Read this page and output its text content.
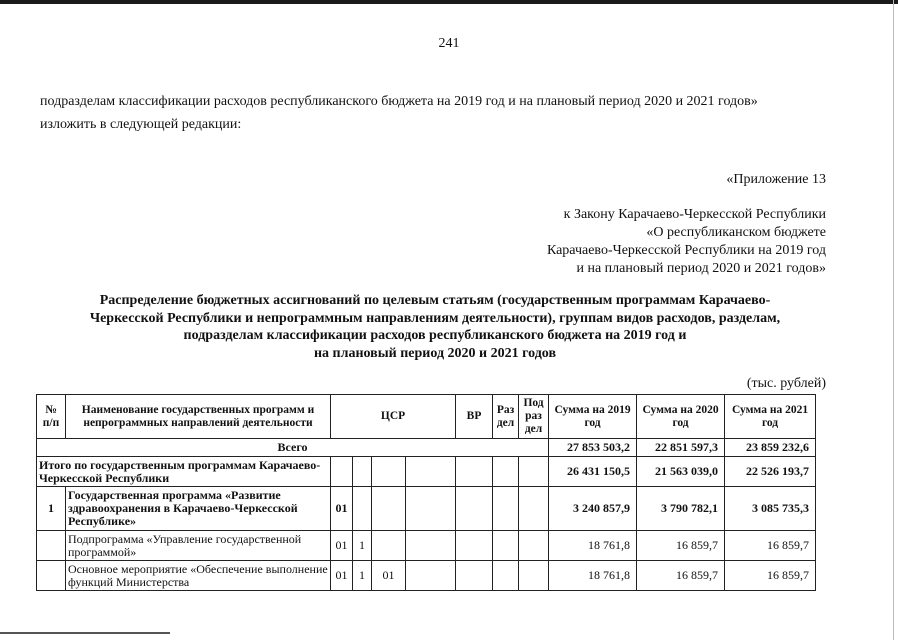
241
подразделам классификации расходов республиканского бюджета на 2019 год и на плановый период 2020 и 2021 годов»
изложить в следующей редакции:
«Приложение 13
к Закону Карачаево-Черкесской Республики
«О республиканском бюджете
Карачаево-Черкесской Республики на 2019 год
и на плановый период 2020 и 2021 годов»
Распределение бюджетных ассигнований по целевым статьям (государственным программам Карачаево-
Черкесской Республики и непрограммным направлениям деятельности), группам видов расходов, разделам,
подразделам классификации расходов республиканского бюджета на 2019 год и
на плановый период 2020 и 2021 годов
(тыс. рублей)
№ п/п	Наименование государственных программ и непрограммных направлений деятельности	ЦСР				ВР	Раз дел	Под раз дел	Сумма на 2019 год	Сумма на 2020 год	Сумма на 2021 год
Всего									27 853 503,2	22 851 597,3	23 859 232,6
Итого по государственным программам Карачаево-Черкесской Республики									26 431 150,5	21 563 039,0	22 526 193,7
1	Государственная программа «Развитие здравоохранения в Карачаево-Черкесской Республике»	01							3 240 857,9	3 790 782,1	3 085 735,3
	Подпрограмма «Управление государственной программой»	01	1						18 761,8	16 859,7	16 859,7
	Основное мероприятие «Обеспечение выполнение функций Министерства	01	1	01					18 761,8	16 859,7	16 859,7
